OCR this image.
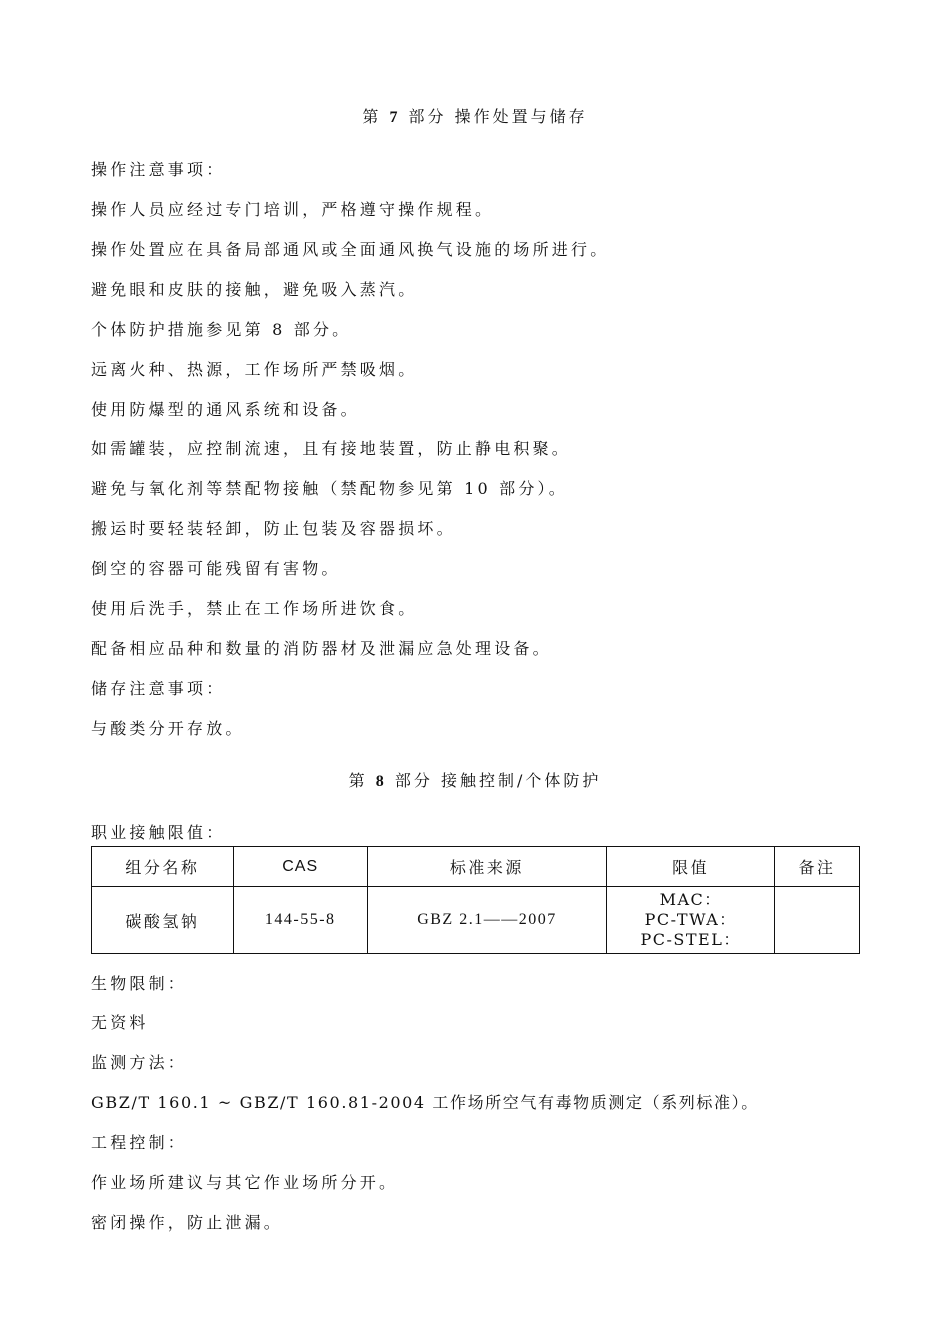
第 7 部分 操作处置与储存
操作注意事项：
操作人员应经过专门培训，严格遵守操作规程。
操作处置应在具备局部通风或全面通风换气设施的场所进行。
避免眼和皮肤的接触，避免吸入蒸汽。
个体防护措施参见第 8 部分。
远离火种、热源，工作场所严禁吸烟。
使用防爆型的通风系统和设备。
如需罐装，应控制流速，且有接地装置，防止静电积聚。
避免与氧化剂等禁配物接触（禁配物参见第 10 部分）。
搬运时要轻装轻卸，防止包装及容器损坏。
倒空的容器可能残留有害物。
使用后洗手，禁止在工作场所进饮食。
配备相应品种和数量的消防器材及泄漏应急处理设备。
储存注意事项：
与酸类分开存放。
第 8 部分 接触控制/个体防护
职业接触限值：
组分名称	CAS	标准来源	限值	备注
碳酸氢钠	144-55-8	GBZ 2.1——2007	MAC：
PC-TWA：
PC-STEL：	

生物限制：
无资料
监测方法：
GBZ/T 160.1 ~ GBZ/T 160.81-2004 工作场所空气有毒物质测定（系列标准）。
工程控制：
作业场所建议与其它作业场所分开。
密闭操作，防止泄漏。
